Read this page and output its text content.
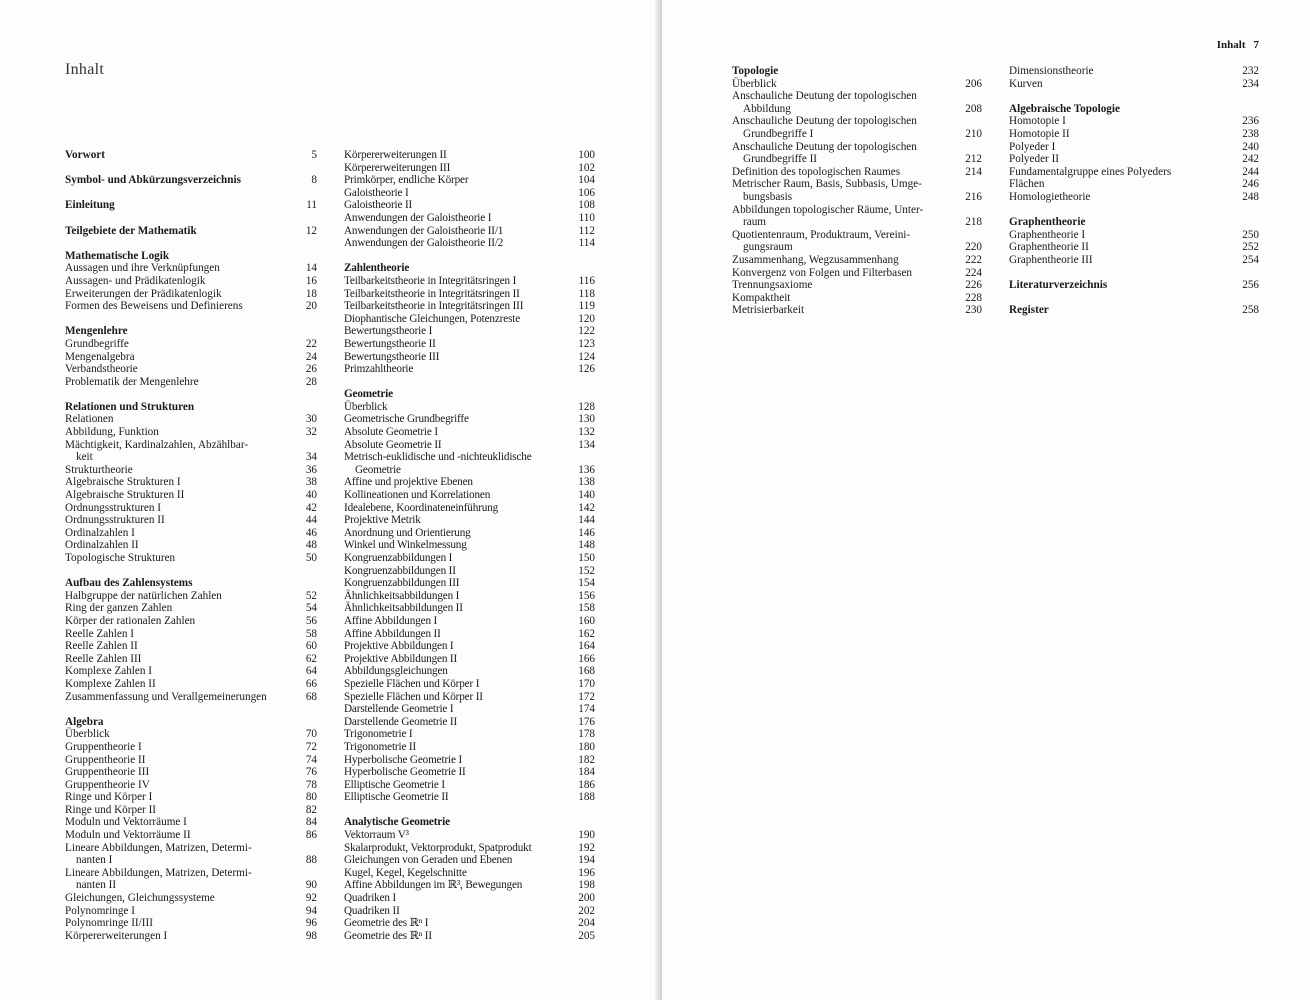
Inhalt
Vorwort	5
Symbol- und Abkürzungsverzeichnis	8
Einleitung	11
Teilgebiete der Mathematik	12
Mathematische Logik
Aussagen und ihre Verknüpfungen	14
Aussagen- und Prädikatenlogik	16
Erweiterungen der Prädikatenlogik	18
Formen des Beweisens und Definierens	20
Mengenlehre
Grundbegriffe	22
Mengenalgebra	24
Verbandstheorie	26
Problematik der Mengenlehre	28
Relationen und Strukturen
Relationen	30
Abbildung, Funktion	32
Mächtigkeit, Kardinalzahlen, Abzählbar-
keit	34
Strukturtheorie	36
Algebraische Strukturen I	38
Algebraische Strukturen II	40
Ordnungsstrukturen I	42
Ordnungsstrukturen II	44
Ordinalzahlen I	46
Ordinalzahlen II	48
Topologische Strukturen	50
Aufbau des Zahlensystems
Halbgruppe der natürlichen Zahlen	52
Ring der ganzen Zahlen	54
Körper der rationalen Zahlen	56
Reelle Zahlen I	58
Reelle Zahlen II	60
Reelle Zahlen III	62
Komplexe Zahlen I	64
Komplexe Zahlen II	66
Zusammenfassung und Verallgemeinerungen	68
Algebra
Überblick	70
Gruppentheorie I	72
Gruppentheorie II	74
Gruppentheorie III	76
Gruppentheorie IV	78
Ringe und Körper I	80
Ringe und Körper II	82
Moduln und Vektorräume I	84
Moduln und Vektorräume II	86
Lineare Abbildungen, Matrizen, Determi-
nanten I	88
Lineare Abbildungen, Matrizen, Determi-
nanten II	90
Gleichungen, Gleichungssysteme	92
Polynomringe I	94
Polynomringe II/III	96
Körpererweiterungen I	98
Körpererweiterungen II	100
Körpererweiterungen III	102
Primkörper, endliche Körper	104
Galoistheorie I	106
Galoistheorie II	108
Anwendungen der Galoistheorie I	110
Anwendungen der Galoistheorie II/1	112
Anwendungen der Galoistheorie II/2	114
Zahlentheorie
Teilbarkeitstheorie in Integritätsringen I	116
Teilbarkeitstheorie in Integritätsringen II	118
Teilbarkeitstheorie in Integritätsringen III	119
Diophantische Gleichungen, Potenzreste	120
Bewertungstheorie I	122
Bewertungstheorie II	123
Bewertungstheorie III	124
Primzahltheorie	126
Geometrie
Überblick	128
Geometrische Grundbegriffe	130
Absolute Geometrie I	132
Absolute Geometrie II	134
Metrisch-euklidische und -nichteuklidische
Geometrie	136
Affine und projektive Ebenen	138
Kollineationen und Korrelationen	140
Idealebene, Koordinateneinführung	142
Projektive Metrik	144
Anordnung und Orientierung	146
Winkel und Winkelmessung	148
Kongruenzabbildungen I	150
Kongruenzabbildungen II	152
Kongruenzabbildungen III	154
Ähnlichkeitsabbildungen I	156
Ähnlichkeitsabbildungen II	158
Affine Abbildungen I	160
Affine Abbildungen II	162
Projektive Abbildungen I	164
Projektive Abbildungen II	166
Abbildungsgleichungen	168
Spezielle Flächen und Körper I	170
Spezielle Flächen und Körper II	172
Darstellende Geometrie I	174
Darstellende Geometrie II	176
Trigonometrie I	178
Trigonometrie II	180
Hyperbolische Geometrie I	182
Hyperbolische Geometrie II	184
Elliptische Geometrie I	186
Elliptische Geometrie II	188
Analytische Geometrie
Vektorraum V³	190
Skalarprodukt, Vektorprodukt, Spatprodukt	192
Gleichungen von Geraden und Ebenen	194
Kugel, Kegel, Kegelschnitte	196
Affine Abbildungen im ℝ³, Bewegungen	198
Quadriken I	200
Quadriken II	202
Geometrie des ℝⁿ I	204
Geometrie des ℝⁿ II	205
Inhalt 7
Topologie
Überblick	206
Anschauliche Deutung der topologischen
Abbildung	208
Anschauliche Deutung der topologischen
Grundbegriffe I	210
Anschauliche Deutung der topologischen
Grundbegriffe II	212
Definition des topologischen Raumes	214
Metrischer Raum, Basis, Subbasis, Umge-
bungsbasis	216
Abbildungen topologischer Räume, Unter-
raum	218
Quotientenraum, Produktraum, Vereini-
gungsraum	220
Zusammenhang, Wegzusammenhang	222
Konvergenz von Folgen und Filterbasen	224
Trennungsaxiome	226
Kompaktheit	228
Metrisierbarkeit	230
Dimensionstheorie	232
Kurven	234
Algebraische Topologie
Homotopie I	236
Homotopie II	238
Polyeder I	240
Polyeder II	242
Fundamentalgruppe eines Polyeders	244
Flächen	246
Homologietheorie	248
Graphentheorie
Graphentheorie I	250
Graphentheorie II	252
Graphentheorie III	254
Literaturverzeichnis	256
Register	258
